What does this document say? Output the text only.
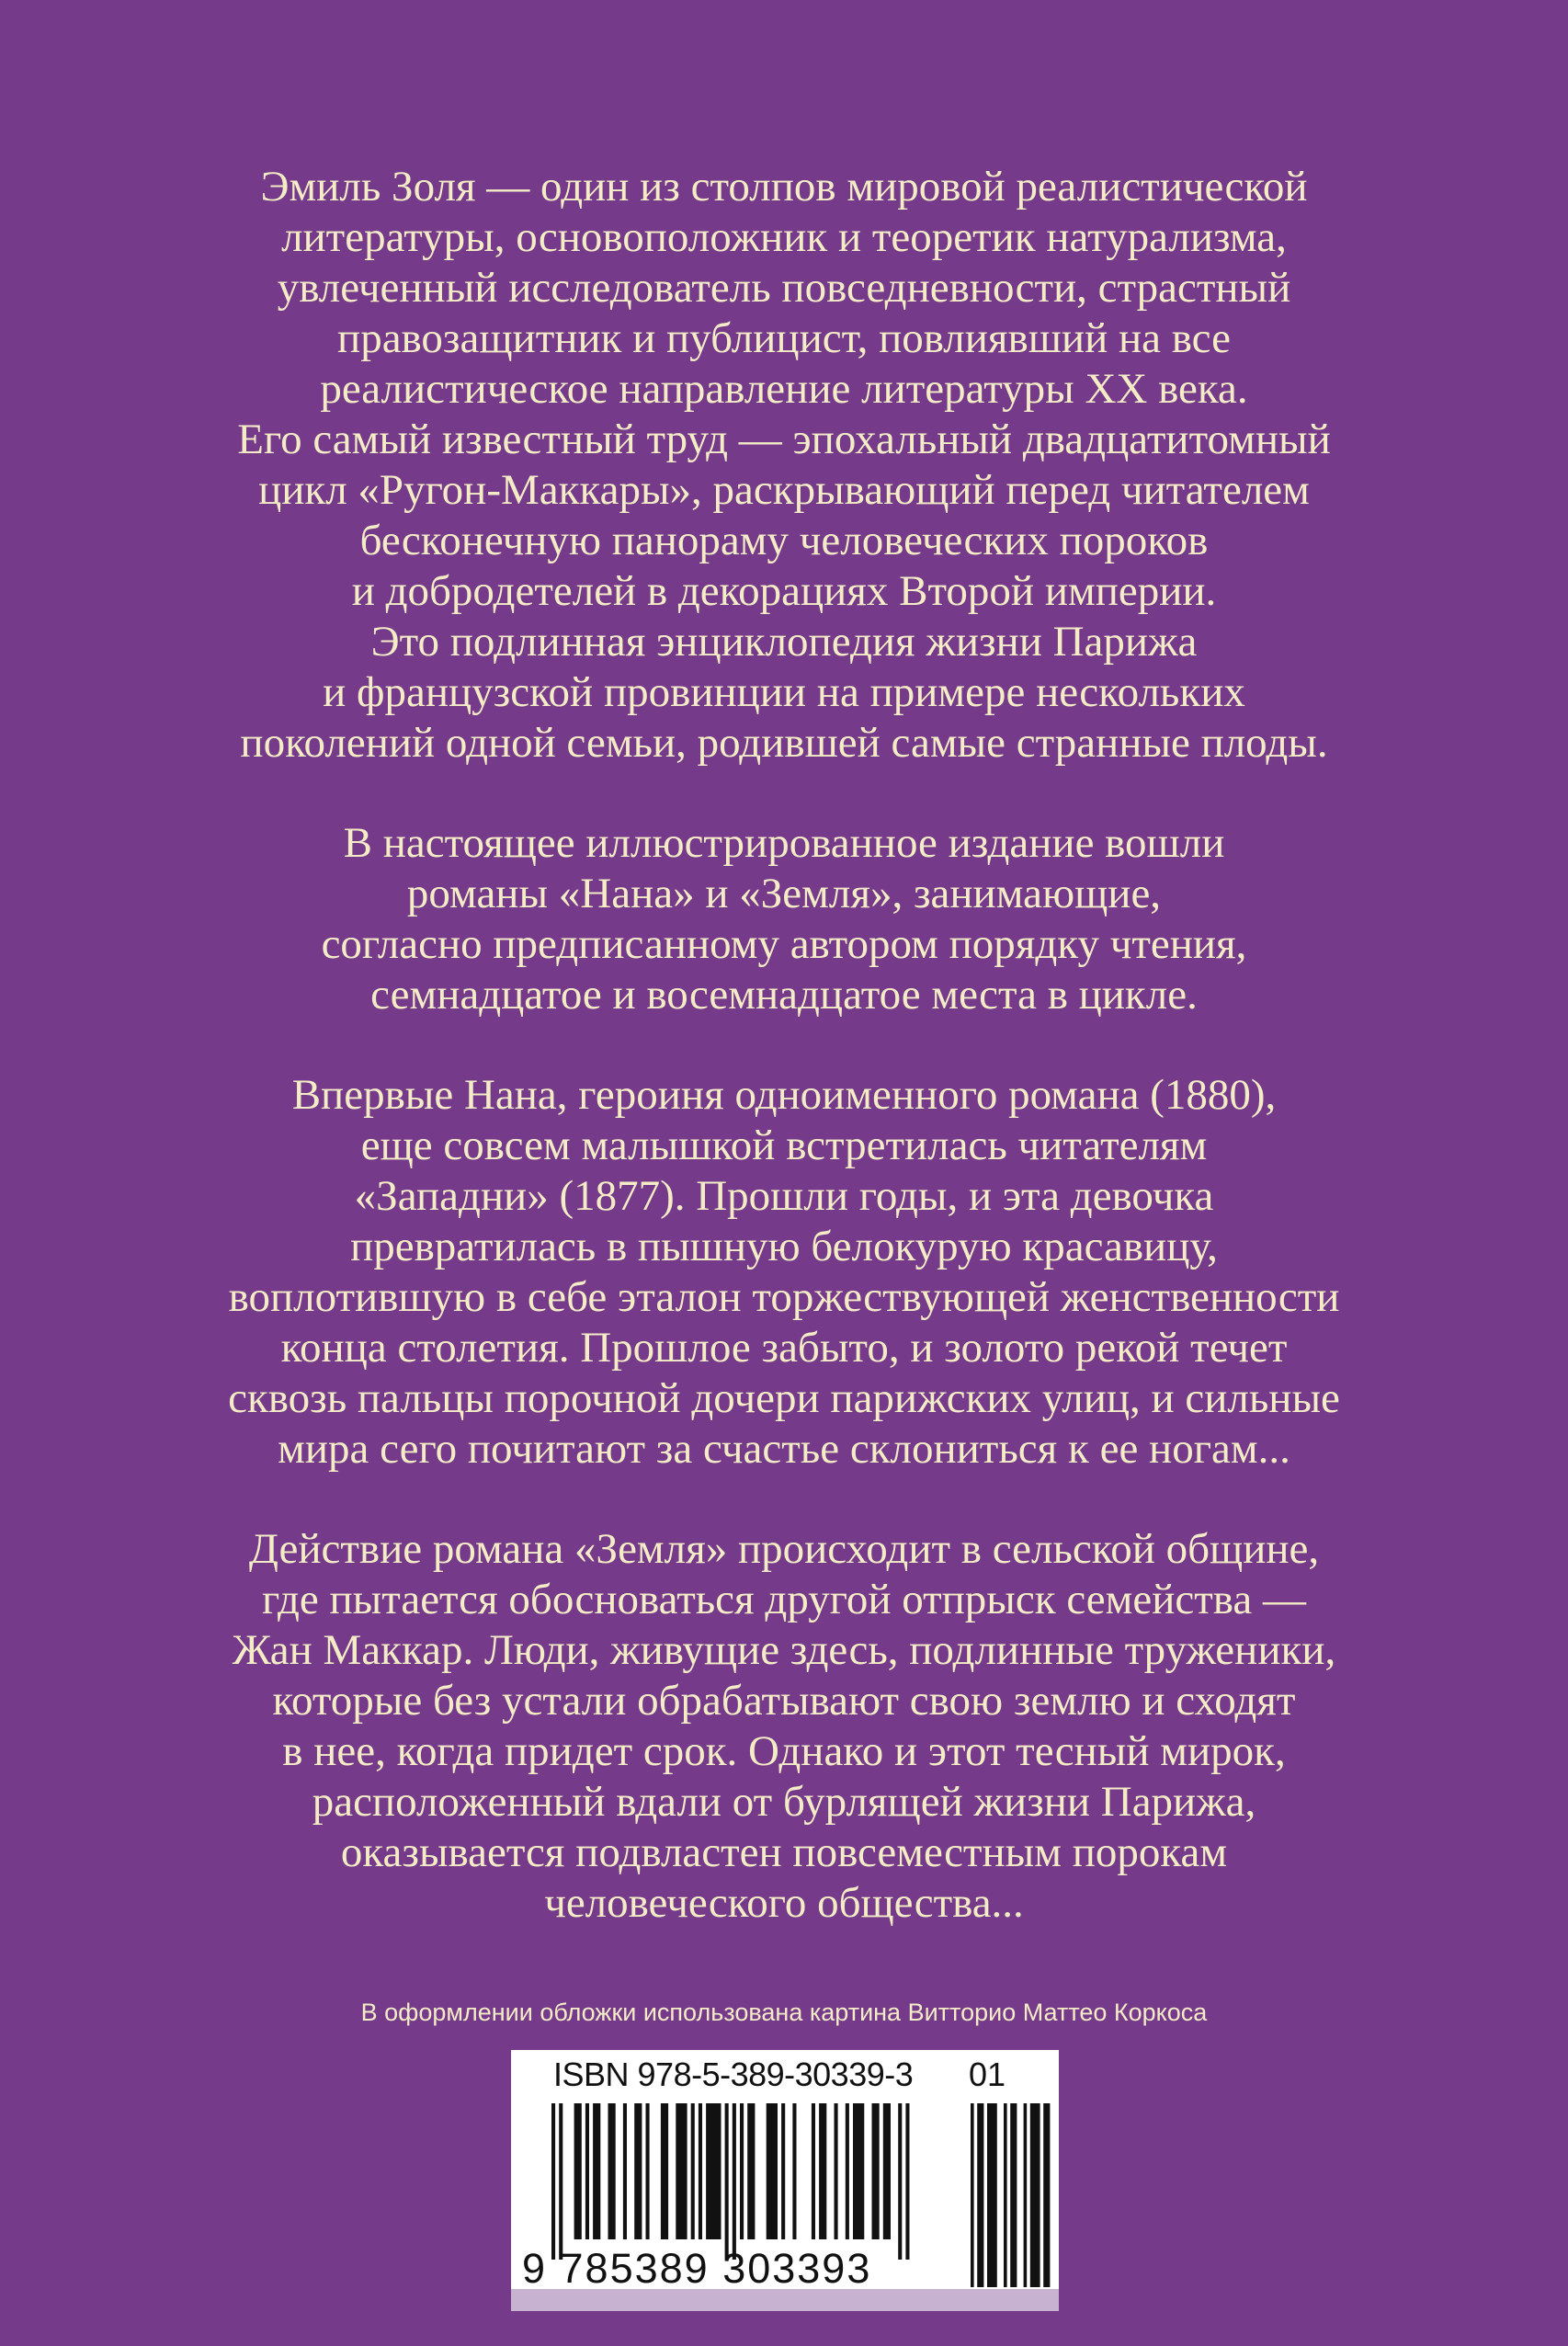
Эмиль Золя — один из столпов мировой реалистической
литературы, основоположник и теоретик натурализма,
увлеченный исследователь повседневности, страстный
правозащитник и публицист, повлиявший на все
реалистическое направление литературы XX века.
Его самый известный труд — эпохальный двадцатитомный
цикл «Ругон-Маккары», раскрывающий перед читателем
бесконечную панораму человеческих пороков
и добродетелей в декорациях Второй империи.
Это подлинная энциклопедия жизни Парижа
и французской провинции на примере нескольких
поколений одной семьи, родившей самые странные плоды.
В настоящее иллюстрированное издание вошли
романы «Нана» и «Земля», занимающие,
согласно предписанному автором порядку чтения,
семнадцатое и восемнадцатое места в цикле.
Впервые Нана, героиня одноименного романа (1880),
еще совсем малышкой встретилась читателям
«Западни» (1877). Прошли годы, и эта девочка
превратилась в пышную белокурую красавицу,
воплотившую в себе эталон торжествующей женственности
конца столетия. Прошлое забыто, и золото рекой течет
сквозь пальцы порочной дочери парижских улиц, и сильные
мира сего почитают за счастье склониться к ее ногам...
Действие романа «Земля» происходит в сельской общине,
где пытается обосноваться другой отпрыск семейства —
Жан Маккар. Люди, живущие здесь, подлинные труженики,
которые без устали обрабатывают свою землю и сходят
в нее, когда придет срок. Однако и этот тесный мирок,
расположенный вдали от бурлящей жизни Парижа,
оказывается подвластен повсеместным порокам
человеческого общества...
В оформлении обложки использована картина Витторио Маттео Коркоса
ISBN 978-5-389-30339-3 01
9 785389 303393
